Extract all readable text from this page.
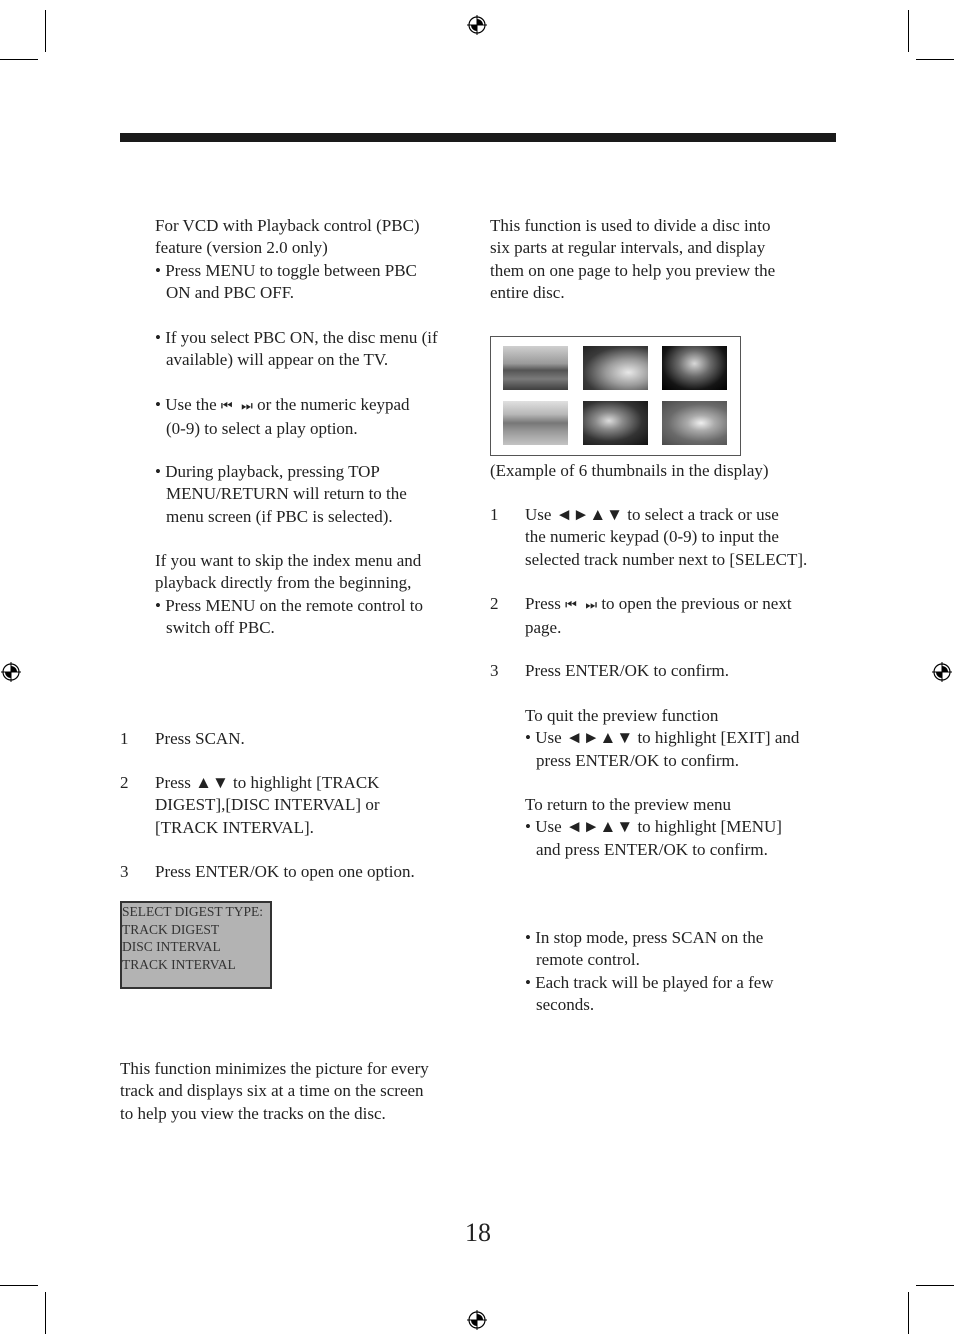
For VCD with Playback control (PBC)
feature (version 2.0 only)
• Press MENU to toggle between PBC
ON and PBC OFF.
• If you select PBC ON, the disc menu (if
available) will appear on the TV.
• Use the ⏮ ⏭ or the numeric keypad
(0-9) to select a play option.
• During playback, pressing TOP
MENU/RETURN will return to the
menu screen (if PBC is selected).
If you want to skip the index menu and
playback directly from the beginning,
• Press MENU on the remote control to
switch off PBC.
1 Press SCAN.
2 Press ▲▼ to highlight [TRACK
DIGEST],[DISC INTERVAL] or
[TRACK INTERVAL].
3 Press ENTER/OK to open one option.
SELECT DIGEST TYPE:
TRACK DIGEST
DISC INTERVAL
TRACK INTERVAL
This function minimizes the picture for every
track and displays six at a time on the screen
to help you view the tracks on the disc.
This function is used to divide a disc into
six parts at regular intervals, and display
them on one page to help you preview the
entire disc.
(Example of 6 thumbnails in the display)
1 Use ◄►▲▼ to select a track or use
the numeric keypad (0-9) to input the
selected track number next to [SELECT].
2 Press ⏮ ⏭ to open the previous or next
page.
3 Press ENTER/OK to confirm.
To quit the preview function
• Use ◄►▲▼ to highlight [EXIT] and
press ENTER/OK to confirm.
To return to the preview menu
• Use ◄►▲▼ to highlight [MENU]
and press ENTER/OK to confirm.
• In stop mode, press SCAN on the
remote control.
• Each track will be played for a few
seconds.
18
